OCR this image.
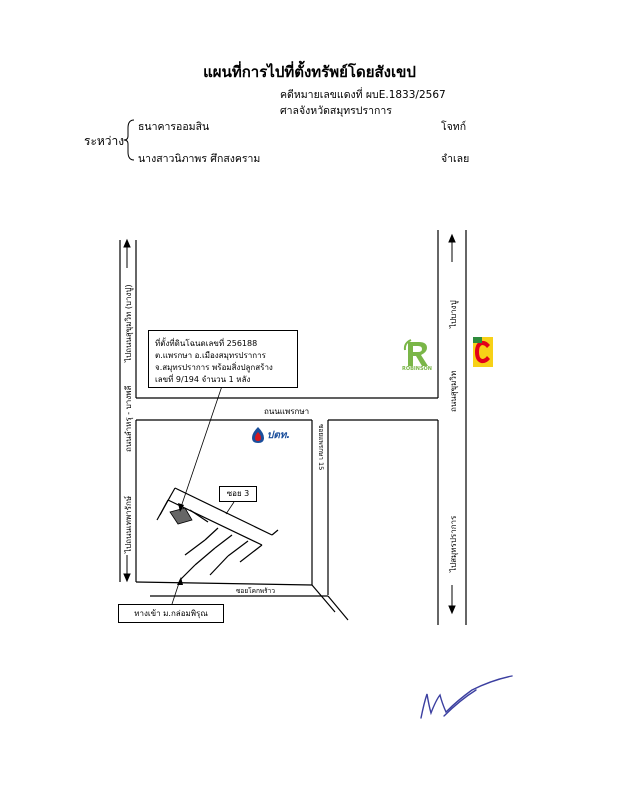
แผนที่การไปที่ตั้งทรัพย์โดยสังเขป
คดีหมายเลขแดงที่ ผบE.1833/2567
ศาลจังหวัดสมุทรปราการ
ระหว่าง
ธนาคารออมสิน	โจทก์
นางสาวนิภาพร ศึกสงคราม	จำเลย
ที่ตั้งที่ดินโฉนดเลขที่ 256188
ต.แพรกษา อ.เมืองสมุทรปราการ
จ.สมุทรปราการ พร้อมสิ่งปลูกสร้าง
เลขที่ 9/194 จำนวน 1 หลัง
ถนนแพรกษา
ไปถนนสุขุมวิท (บางปู)
ถนนลำหรุ - บางพลี
ไปถนนเทพารักษ์
ไปบางปู
ถนนสุขุมวิท
ไปสมุทรปราการ
ซอยแพรกษา 15
ซอยโคกพร้าว
ซอย 3
ทางเข้า ม.กล่อมพิรุณ
ROBINSON
ปตท.
